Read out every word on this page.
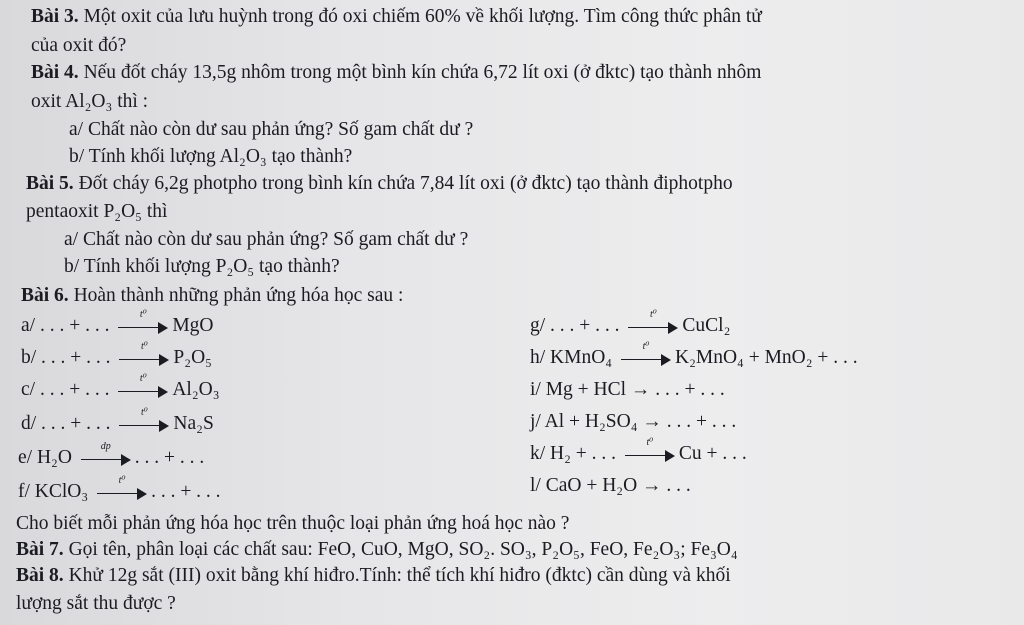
Bài 3. Một oxit của lưu huỳnh trong đó oxi chiếm 60% về khối lượng. Tìm công thức phân tử
của oxit đó?
Bài 4. Nếu đốt cháy 13,5g nhôm trong một bình kín chứa 6,72 lít oxi (ở đktc) tạo thành nhôm
oxit Al₂O₃ thì :
a/ Chất nào còn dư sau phản ứng? Số gam chất dư ?
b/ Tính khối lượng Al₂O₃ tạo thành?
Bài 5. Đốt cháy 6,2g photpho trong bình kín chứa 7,84 lít oxi (ở đktc) tạo thành điphotpho
pentaoxit P₂O₅ thì
a/ Chất nào còn dư sau phản ứng? Số gam chất dư ?
b/ Tính khối lượng P₂O₅ tạo thành?
Bài 6. Hoàn thành những phản ứng hóa học sau :
a/ . . . + . . .
t⁰
MgO
b/ . . . + . . .
t⁰
P₂O₅
c/ . . . + . . .
t⁰
Al₂O₃
d/ . . . + . . .
t⁰
Na₂S
e/ H₂O
dp
. . . + . . .
f/ KClO₃
t⁰
. . . + . . .
g/ . . . + . . .
t⁰
CuCl₂
h/ KMnO₄
t⁰
K₂MnO₄ + MnO₂ + . . .
i/ Mg + HCl → . . . + . . .
j/ Al + H₂SO₄ → . . . + . . .
k/ H₂ + . . .
t⁰
Cu + . . .
l/ CaO + H₂O → . . .
Cho biết mỗi phản ứng hóa học trên thuộc loại phản ứng hoá học nào ?
Bài 7. Gọi tên, phân loại các chất sau: FeO, CuO, MgO, SO₂. SO₃, P₂O₅, FeO, Fe₂O₃; Fe₃O₄
Bài 8. Khử 12g sắt (III) oxit bằng khí hiđro.Tính: thể tích khí hiđro (đktc) cần dùng và khối
lượng sắt thu được ?
